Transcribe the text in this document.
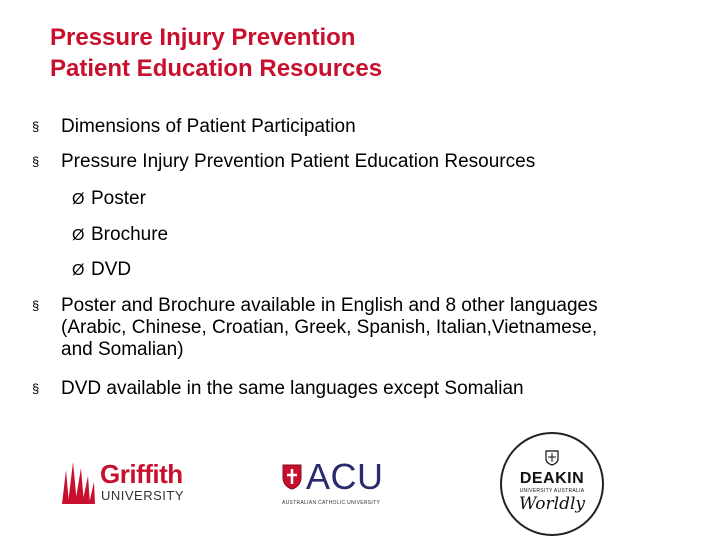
Pressure Injury Prevention
Patient Education Resources
§ Dimensions of Patient Participation
§ Pressure Injury Prevention Patient Education Resources
Ø Poster
Ø Brochure
Ø DVD
§ Poster and Brochure available in English and 8 other languages
(Arabic, Chinese, Croatian, Greek, Spanish, Italian,Vietnamese,
and Somalian)
§ DVD available in the same languages except Somalian
Griffith
UNIVERSITY	ACU
AUSTRALIAN CATHOLIC UNIVERSITY
DEAKIN
UNIVERSITY AUSTRALIA
Worldly
